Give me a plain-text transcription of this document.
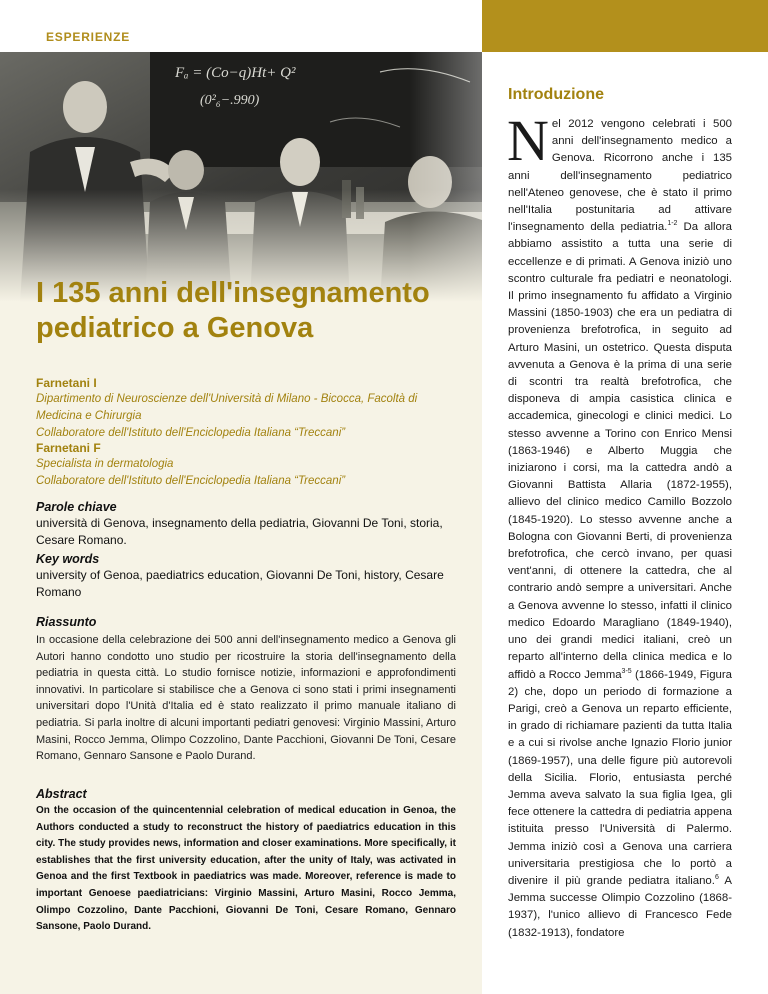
ESPERIENZE
I 135 anni dell'insegnamento
pediatrico a Genova
Farnetani I
Dipartimento di Neuroscienze dell'Università di Milano - Bicocca, Facoltà di
Medicina e Chirurgia
Collaboratore dell'Istituto dell'Enciclopedia Italiana “Treccani”
Farnetani F
Specialista in dermatologia
Collaboratore dell'Istituto dell'Enciclopedia Italiana “Treccani”
Parole chiave
università di Genova, insegnamento della pediatria, Giovanni De Toni, storia, Cesare Romano.
Key words
university of Genoa, paediatrics education, Giovanni De Toni, history, Cesare Romano
Riassunto
In occasione della celebrazione dei 500 anni dell'insegnamento medico a Genova gli Autori hanno condotto uno studio per ricostruire la storia dell'insegnamento della pediatria in questa città. Lo studio fornisce notizie, informazioni e approfondimenti innovativi. In particolare si stabilisce che a Genova ci sono stati i primi insegnamenti universitari dopo l'Unità d'Italia ed è stato realizzato il primo manuale italiano di pediatria. Si parla inoltre di alcuni importanti pediatri genovesi: Virginio Massini, Arturo Masini, Rocco Jemma, Olimpo Cozzolino, Dante Pacchioni, Giovanni De Toni, Cesare Romano, Gennaro Sansone e Paolo Durand.
Abstract
On the occasion of the quincentennial celebration of medical education in Genoa, the Authors conducted a study to reconstruct the history of paediatrics education in this city. The study provides news, information and closer examinations. More specifically, it establishes that the first university education, after the unity of Italy, was activated in Genoa and the first Textbook in paediatrics was made. Moreover, reference is made to important Genoese paediatricians: Virginio Massini, Arturo Masini, Rocco Jemma, Olimpo Cozzolino, Dante Pacchioni, Giovanni De Toni, Cesare Romano, Gennaro Sansone, Paolo Durand.
Introduzione
Nel 2012 vengono celebrati i 500 anni dell'insegnamento medico a Genova. Ricorrono anche i 135 anni dell'insegnamento pediatrico nell'Ateneo genovese, che è stato il primo nell'Italia postunitaria ad attivare l'insegnamento della pediatria.$^{1-2}$ Da allora abbiamo assistito a tutta una serie di eccellenze e di primati. A Genova iniziò uno scontro culturale fra pediatri e neonatologi. Il primo insegnamento fu affidato a Virginio Massini (1850-1903) che era un pediatra di provenienza brefotrofica, in seguito ad Arturo Masini, un ostetrico. Questa disputa avvenuta a Genova è la prima di una serie di scontri tra realtà brefotrofica, che disponeva di ampia casistica clinica e accademica, ginecologi e clinici medici. Lo stesso avvenne a Torino con Enrico Mensi (1863-1946) e Alberto Muggia che iniziarono i corsi, ma la cattedra andò a Giovanni Battista Allaria (1872-1955), allievo del clinico medico Camillo Bozzolo (1845-1920). Lo stesso avvenne anche a Bologna con Giovanni Berti, di provenienza brefotrofica, che cercò invano, per quasi vent'anni, di ottenere la cattedra, che al contrario andò sempre a universitari. Anche a Genova avvenne lo stesso, infatti il clinico medico Edoardo Maragliano (1849-1940), uno dei grandi medici italiani, creò un reparto all'interno della clinica medica e lo affidò a Rocco Jemma$^{3-5}$ (1866-1949, Figura 2) che, dopo un periodo di formazione a Parigi, creò a Genova un reparto efficiente, in grado di richiamare pazienti da tutta Italia e a cui si rivolse anche Ignazio Florio junior (1869-1957), una delle figure più autorevoli della Sicilia. Florio, entusiasta perché Jemma aveva salvato la sua figlia Igea, gli fece ottenere la cattedra di pediatria appena istituita presso l'Università di Palermo. Jemma iniziò così a Genova una carriera universitaria prestigiosa che lo portò a divenire il più grande pediatra italiano.$^6$ A Jemma successe Olimpio Cozzolino (1868-1937), l'unico allievo di Francesco Fede (1832-1913), fondatore
